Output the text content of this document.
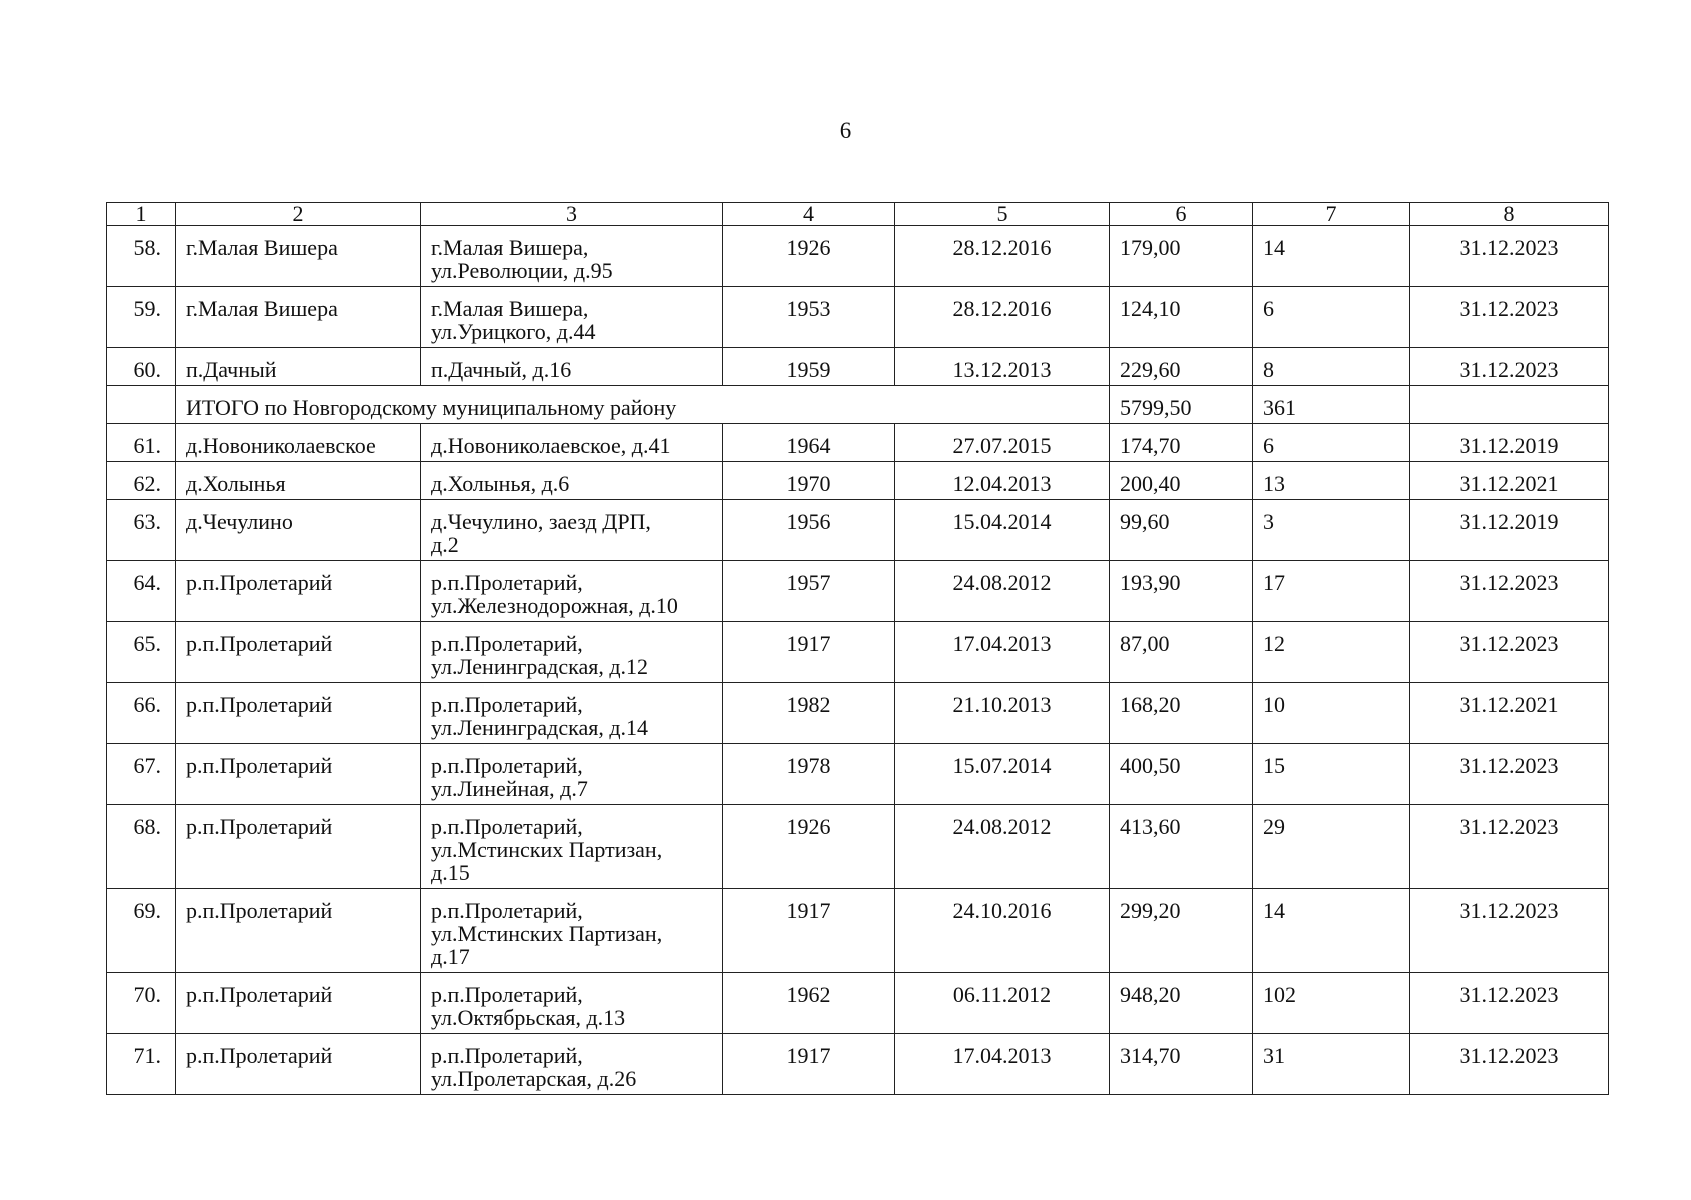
6
1	2	3	4	5	6	7	8
58.	г.Малая Вишера	г.Малая Вишера,
ул.Революции, д.95	1926	28.12.2016	179,00	14	31.12.2023
59.	г.Малая Вишера	г.Малая Вишера,
ул.Урицкого, д.44	1953	28.12.2016	124,10	6	31.12.2023
60.	п.Дачный	п.Дачный, д.16	1959	13.12.2013	229,60	8	31.12.2023
	ИТОГО по Новгородскому муниципальному району				5799,50	361	
61.	д.Новониколаевское	д.Новониколаевское, д.41	1964	27.07.2015	174,70	6	31.12.2019
62.	д.Холынья	д.Холынья, д.6	1970	12.04.2013	200,40	13	31.12.2021
63.	д.Чечулино	д.Чечулино, заезд ДРП,
д.2	1956	15.04.2014	99,60	3	31.12.2019
64.	р.п.Пролетарий	р.п.Пролетарий,
ул.Железнодорожная, д.10	1957	24.08.2012	193,90	17	31.12.2023
65.	р.п.Пролетарий	р.п.Пролетарий,
ул.Ленинградская, д.12	1917	17.04.2013	87,00	12	31.12.2023
66.	р.п.Пролетарий	р.п.Пролетарий,
ул.Ленинградская, д.14	1982	21.10.2013	168,20	10	31.12.2021
67.	р.п.Пролетарий	р.п.Пролетарий,
ул.Линейная, д.7	1978	15.07.2014	400,50	15	31.12.2023
68.	р.п.Пролетарий	р.п.Пролетарий,
ул.Мстинских Партизан,
д.15	1926	24.08.2012	413,60	29	31.12.2023
69.	р.п.Пролетарий	р.п.Пролетарий,
ул.Мстинских Партизан,
д.17	1917	24.10.2016	299,20	14	31.12.2023
70.	р.п.Пролетарий	р.п.Пролетарий,
ул.Октябрьская, д.13	1962	06.11.2012	948,20	102	31.12.2023
71.	р.п.Пролетарий	р.п.Пролетарий,
ул.Пролетарская, д.26	1917	17.04.2013	314,70	31	31.12.2023
